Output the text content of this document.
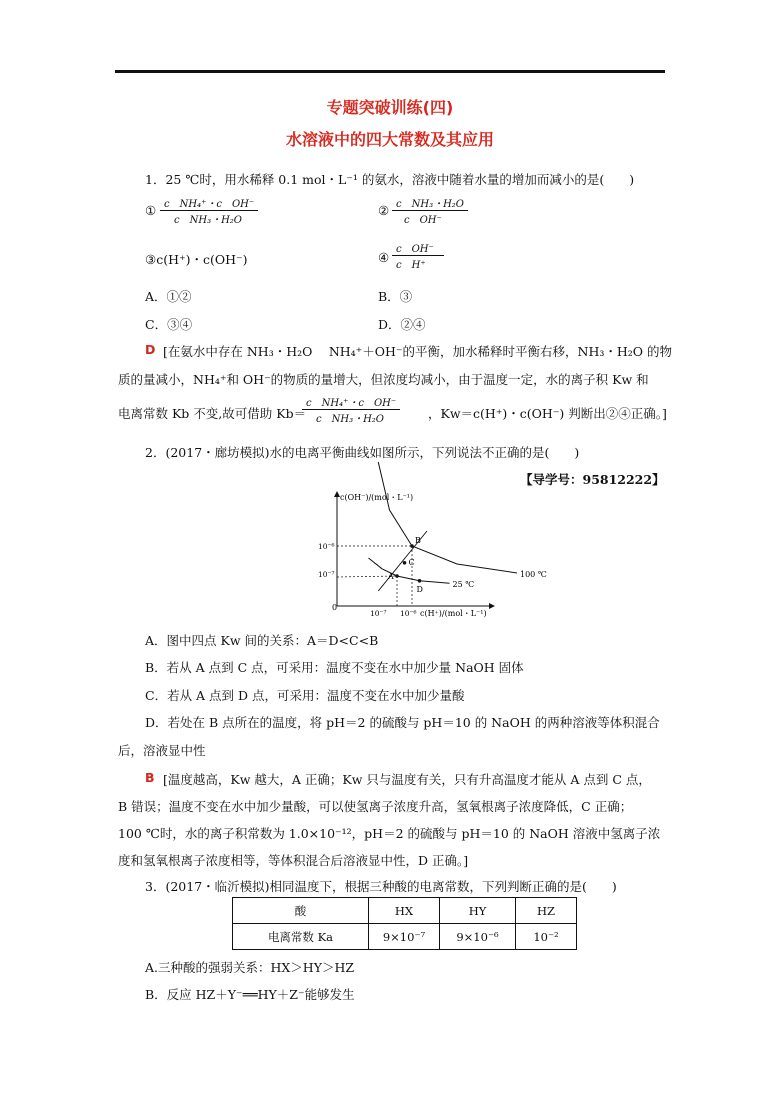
专题突破训练(四)
水溶液中的四大常数及其应用
1．25 ℃时，用水稀释 0.1 mol・L⁻¹ 的氨水，溶液中随着水量的增加而减小的是(　　)
① c　NH₄⁺・c　OH⁻
c　NH₃・H₂O
② c　NH₃・H₂O
c　OH⁻
③c(H⁺)・c(OH⁻)	④
c　OH⁻
c　H⁺
A．①②	B．③
C．③④	D．②④
D [在氨水中存在 NH₃・H₂O　 NH₄⁺＋OH⁻的平衡，加水稀释时平衡右移，NH₃・H₂O 的物
质的量减小，NH₄⁺和 OH⁻的物质的量增大，但浓度均减小，由于温度一定，水的离子积 Kw 和
电离常数 Kb 不变,故可借助 Kb＝
c　NH₄⁺・c　OH⁻
c　NH₃・H₂O	，Kw＝c(H⁺)・c(OH⁻) 判断出②④正确。]
2．(2017・廊坊模拟)水的电离平衡曲线如图所示，下列说法不正确的是(　　)
【导学号：95812222】
c(OH⁻)/(mol・L⁻¹)
c(H⁺)/(mol・L⁻¹)
0
10⁻⁶
10⁻⁷
10⁻⁷ 10⁻⁶
100 ℃
25 ℃
A
B
C
D
A．图中四点 Kw 间的关系：A＝D<C<B
B．若从 A 点到 C 点，可采用：温度不变在水中加少量 NaOH 固体
C．若从 A 点到 D 点，可采用：温度不变在水中加少量酸
D．若处在 B 点所在的温度，将 pH＝2 的硫酸与 pH＝10 的 NaOH 的两种溶液等体积混合
后，溶液显中性
B [温度越高，Kw 越大，A 正确；Kw 只与温度有关，只有升高温度才能从 A 点到 C 点，
B 错误；温度不变在水中加少量酸，可以使氢离子浓度升高，氢氧根离子浓度降低，C 正确；
100 ℃时，水的离子积常数为 1.0×10⁻¹²，pH＝2 的硫酸与 pH＝10 的 NaOH 溶液中氢离子浓
度和氢氧根离子浓度相等，等体积混合后溶液显中性，D 正确。]
3．(2017・临沂模拟)相同温度下，根据三种酸的电离常数，下列判断正确的是(　　)
酸	HX	HY	HZ
电离常数 Ka	9×10⁻⁷	9×10⁻⁶	10⁻²
A.三种酸的强弱关系：HX＞HY＞HZ
B．反应 HZ＋Y⁻══HY＋Z⁻能够发生
